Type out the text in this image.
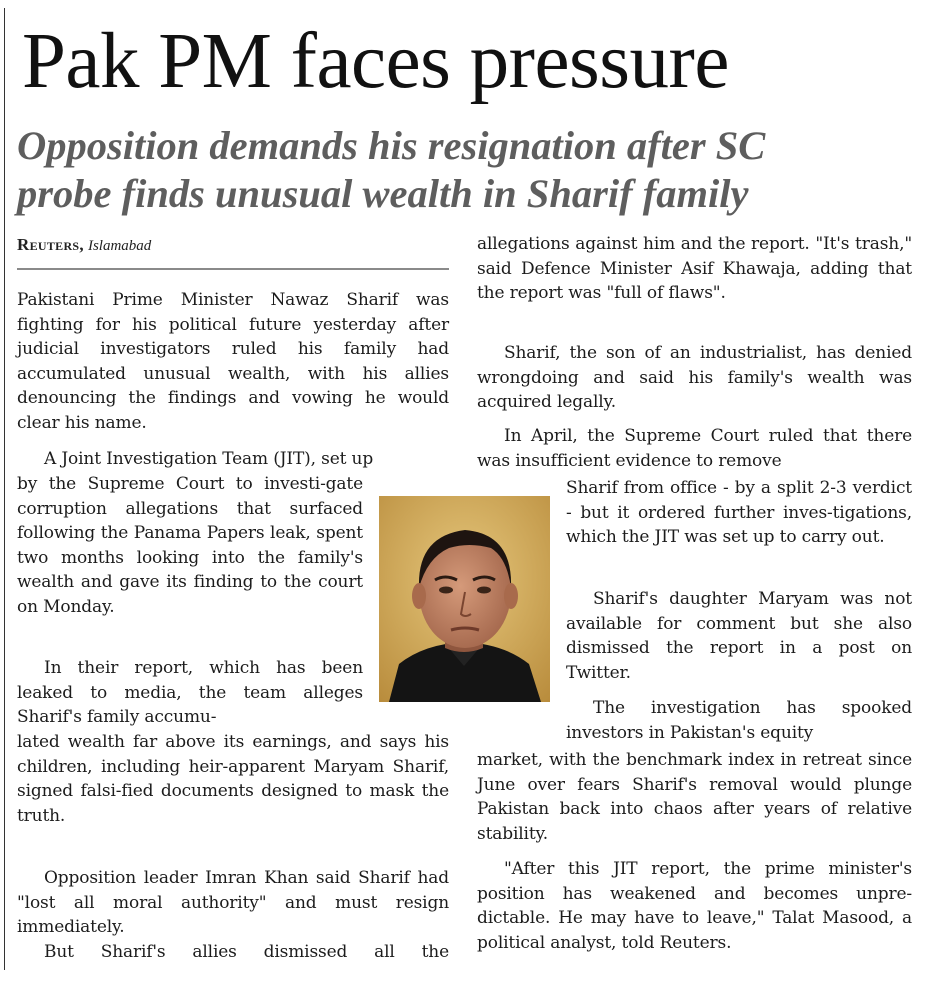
Pak PM faces pressure
Opposition demands his resignation after SC
probe finds unusual wealth in Sharif family
Reuters, Islamabad
Pakistani Prime Minister Nawaz Sharif was fighting for his political future yesterday after judicial investigators ruled his family had accumulated unusual wealth, with his allies denouncing the findings and vowing he would clear his name.
A Joint Investigation Team (JIT), set up
by the Supreme Court to investi-gate corruption allegations that surfaced following the Panama Papers leak, spent two months looking into the family's wealth and gave its finding to the court on Monday.
In their report, which has been leaked to media, the team alleges Sharif's family accumu-
lated wealth far above its earnings, and says his children, including heir-apparent Maryam Sharif, signed falsi-fied documents designed to mask the truth.
Opposition leader Imran Khan said Sharif had "lost all moral authority" and must resign immediately.
But Sharif's allies dismissed all the
allegations against him and the report. "It's trash," said Defence Minister Asif Khawaja, adding that the report was "full of flaws".
Sharif, the son of an industrialist, has denied wrongdoing and said his family's wealth was acquired legally.
In April, the Supreme Court ruled that there was insufficient evidence to remove
Sharif from office - by a split 2-3 verdict - but it ordered further inves-tigations, which the JIT was set up to carry out.
Sharif's daughter Maryam was not available for comment but she also dismissed the report in a post on Twitter.
The investigation has spooked investors in Pakistan's equity
market, with the benchmark index in retreat since June over fears Sharif's removal would plunge Pakistan back into chaos after years of relative stability.
"After this JIT report, the prime minister's position has weakened and becomes unpre-dictable. He may have to leave," Talat Masood, a political analyst, told Reuters.
